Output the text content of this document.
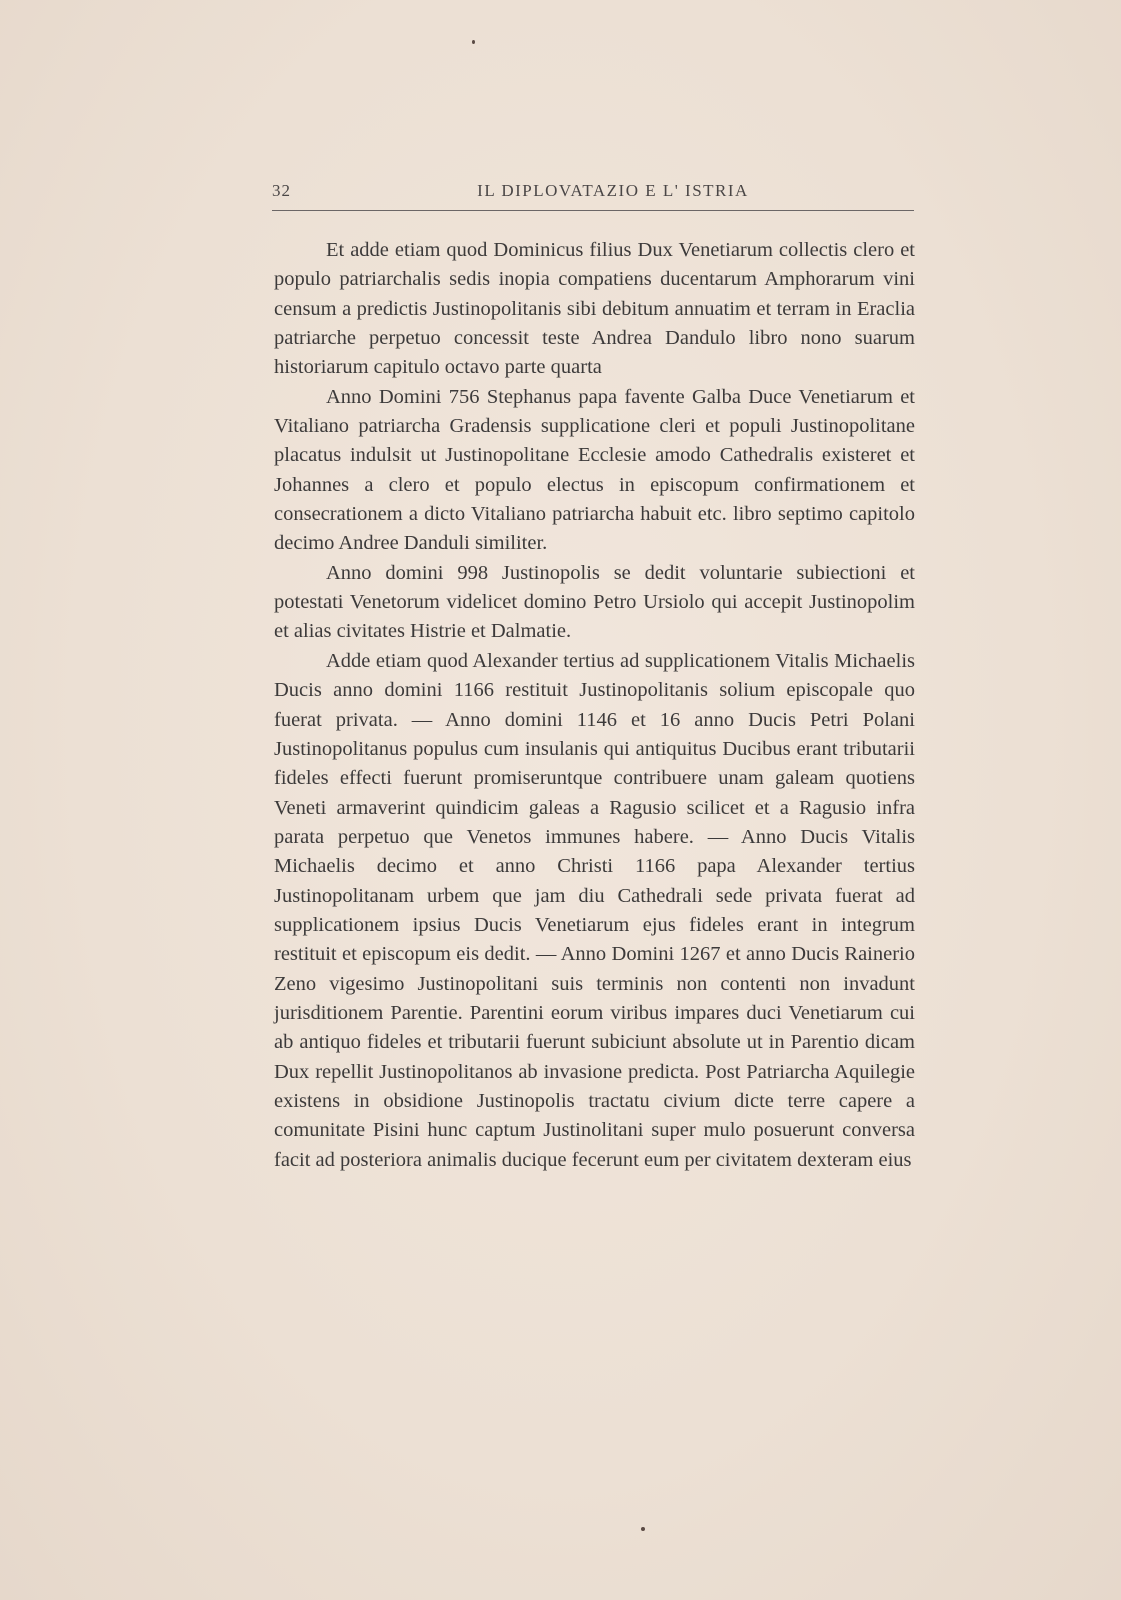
32	IL DIPLOVATAZIO E L' ISTRIA

Et adde etiam quod Dominicus filius Dux Venetiarum collectis clero et populo patriarchalis sedis inopia compatiens ducentarum Amphorarum vini censum a predictis Justinopolitanis sibi debitum annuatim et terram in Eraclia patriarche perpetuo concessit teste Andrea Dandulo libro nono suarum historiarum capitulo octavo parte quarta

Anno Domini 756 Stephanus papa favente Galba Duce Venetiarum et Vitaliano patriarcha Gradensis supplicatione cleri et populi Justinopolitane placatus indulsit ut Justinopolitane Ecclesie amodo Cathedralis existeret et Johannes a clero et populo electus in episcopum confirmationem et consecrationem a dicto Vitaliano patriarcha habuit etc. libro septimo capitolo decimo Andree Danduli similiter.

Anno domini 998 Justinopolis se dedit voluntarie subiectioni et potestati Venetorum videlicet domino Petro Ursiolo qui accepit Justinopolim et alias civitates Histrie et Dalmatie.

Adde etiam quod Alexander tertius ad supplicationem Vitalis Michaelis Ducis anno domini 1166 restituit Justinopolitanis solium episcopale quo fuerat privata. — Anno domini 1146 et 16 anno Ducis Petri Polani Justinopolitanus populus cum insulanis qui antiquitus Ducibus erant tributarii fideles effecti fuerunt promiseruntque contribuere unam galeam quotiens Veneti armaverint quindicim galeas a Ragusio scilicet et a Ragusio infra parata perpetuo que Venetos immunes habere. — Anno Ducis Vitalis Michaelis decimo et anno Christi 1166 papa Alexander tertius Justinopolitanam urbem que jam diu Cathedrali sede privata fuerat ad supplicationem ipsius Ducis Venetiarum ejus fideles erant in integrum restituit et episcopum eis dedit. — Anno Domini 1267 et anno Ducis Rainerio Zeno vigesimo Justinopolitani suis terminis non contenti non invadunt jurisditionem Parentie. Parentini eorum viribus impares duci Venetiarum cui ab antiquo fideles et tributarii fuerunt subiciunt absolute ut in Parentio dicam Dux repellit Justinopolitanos ab invasione predicta. Post Patriarcha Aquilegie existens in obsidione Justinopolis tractatu civium dicte terre capere a comunitate Pisini hunc captum Justinolitani super mulo posuerunt conversa facit ad posteriora animalis ducique fecerunt eum per civitatem dexteram eius
